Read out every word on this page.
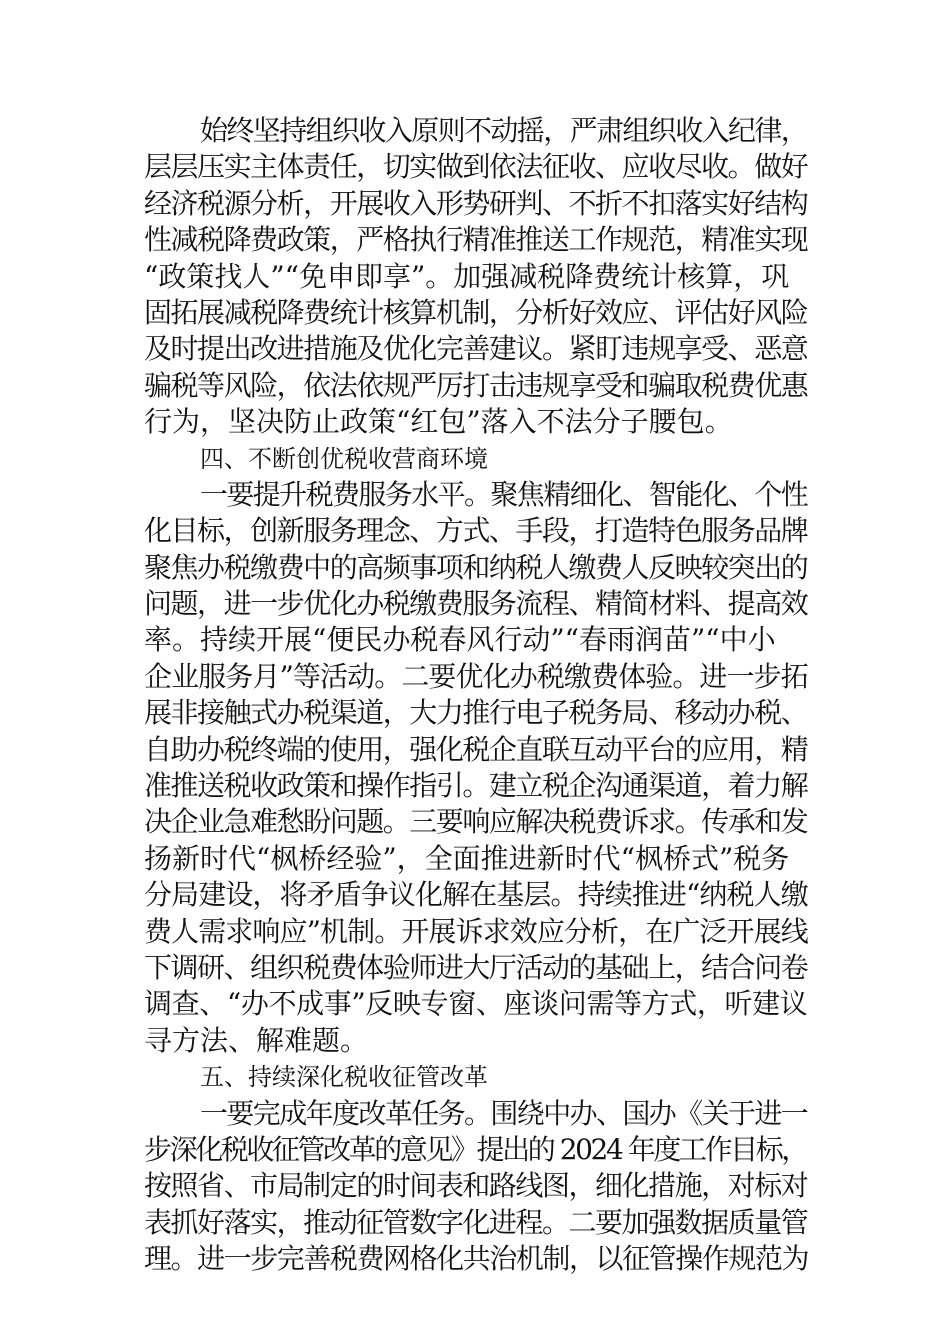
始终坚持组织收入原则不动摇，严肃组织收入纪律，
层层压实主体责任，切实做到依法征收、应收尽收。做好
经济税源分析，开展收入形势研判、不折不扣落实好结构
性减税降费政策，严格执行精准推送工作规范，精准实现
“政策找人”“免申即享”。加强减税降费统计核算，巩
固拓展减税降费统计核算机制，分析好效应、评估好风险
及时提出改进措施及优化完善建议。紧盯违规享受、恶意
骗税等风险，依法依规严厉打击违规享受和骗取税费优惠
行为，坚决防止政策“红包”落入不法分子腰包。
四、不断创优税收营商环境
一要提升税费服务水平。聚焦精细化、智能化、个性
化目标，创新服务理念、方式、手段，打造特色服务品牌
聚焦办税缴费中的高频事项和纳税人缴费人反映较突出的
问题，进一步优化办税缴费服务流程、精简材料、提高效
率。持续开展“便民办税春风行动”“春雨润苗”“中小
企业服务月”等活动。二要优化办税缴费体验。进一步拓
展非接触式办税渠道，大力推行电子税务局、移动办税、
自助办税终端的使用，强化税企直联互动平台的应用，精
准推送税收政策和操作指引。建立税企沟通渠道，着力解
决企业急难愁盼问题。三要响应解决税费诉求。传承和发
扬新时代“枫桥经验”，全面推进新时代“枫桥式”税务
分局建设，将矛盾争议化解在基层。持续推进“纳税人缴
费人需求响应”机制。开展诉求效应分析，在广泛开展线
下调研、组织税费体验师进大厅活动的基础上，结合问卷
调查、“办不成事”反映专窗、座谈问需等方式，听建议
寻方法、解难题。
五、持续深化税收征管改革
一要完成年度改革任务。围绕中办、国办《关于进一
步深化税收征管改革的意见》提出的 2024 年度工作目标，
按照省、市局制定的时间表和路线图，细化措施，对标对
表抓好落实，推动征管数字化进程。二要加强数据质量管
理。进一步完善税费网格化共治机制，以征管操作规范为
